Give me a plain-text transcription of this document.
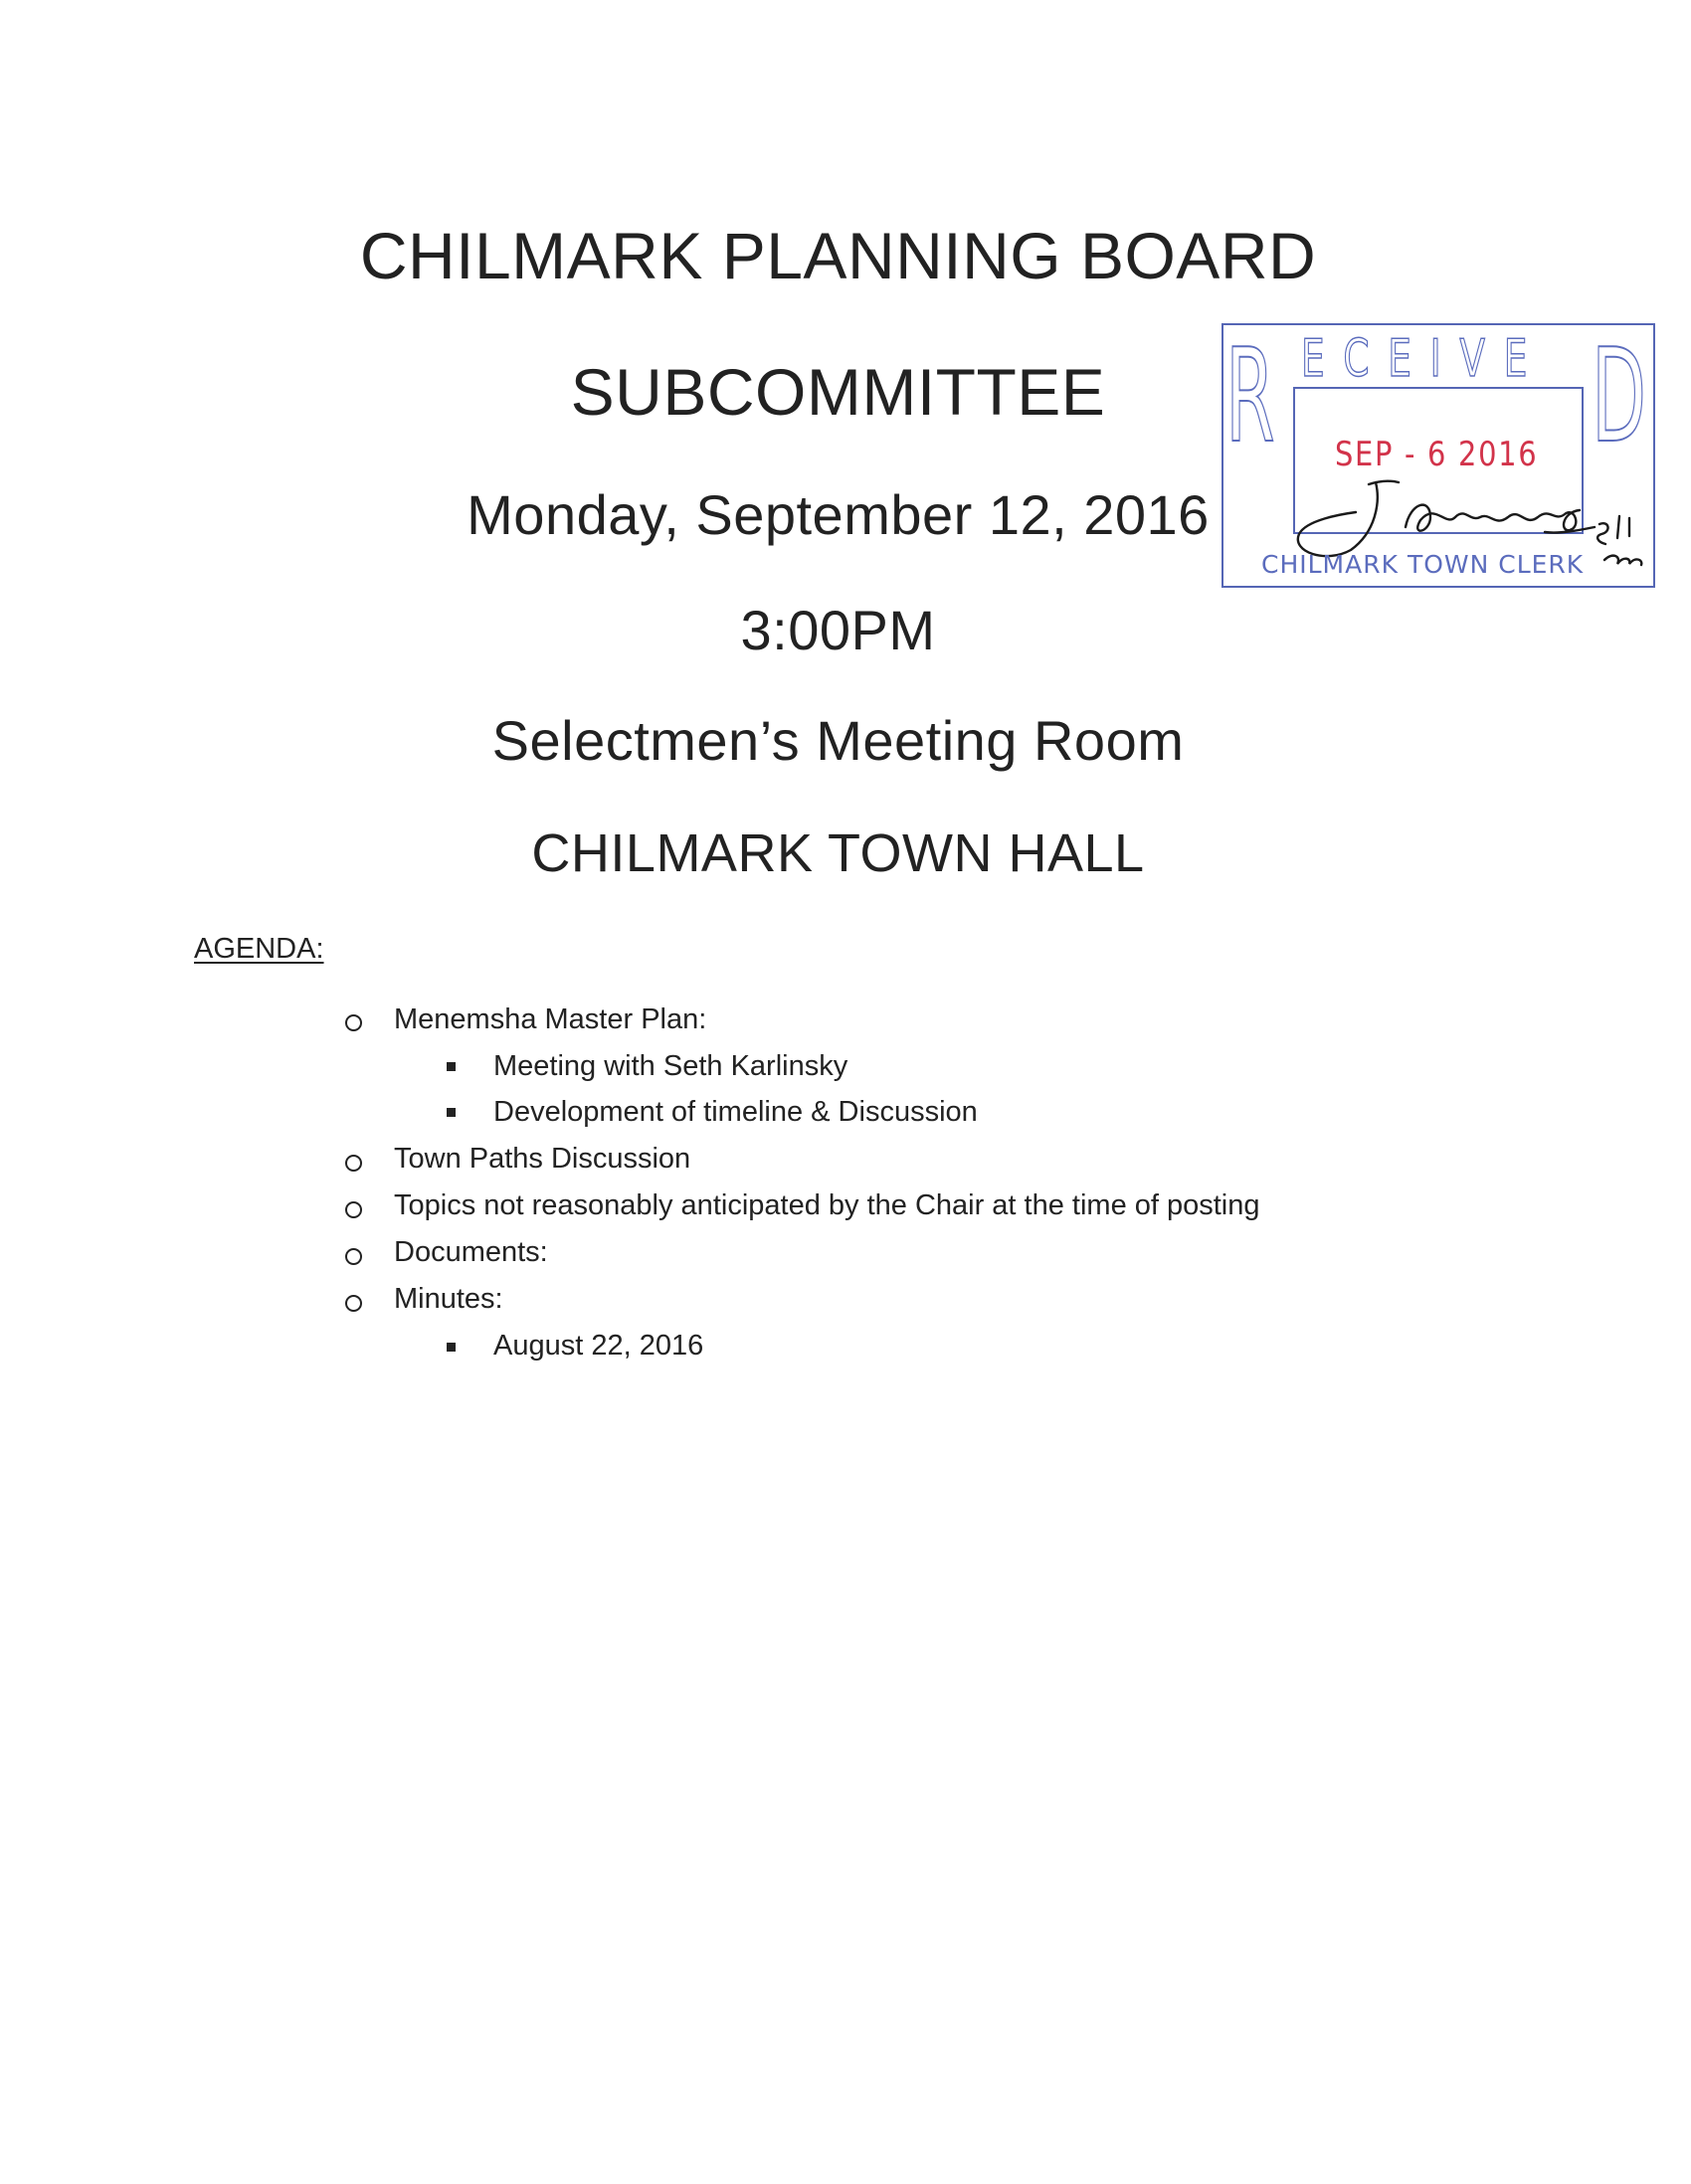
CHILMARK PLANNING BOARD
SUBCOMMITTEE
Monday, September 12, 2016
3:00PM
Selectmen’s Meeting Room
CHILMARK TOWN HALL
AGENDA:
Menemsha Master Plan:
Meeting with Seth Karlinsky
Development of timeline & Discussion
Town Paths Discussion
Topics not reasonably anticipated by the Chair at the time of posting
Documents:
Minutes:
August 22, 2016
R ECEIVE D
SEP - 6 2016
CHILMARK TOWN CLERK
